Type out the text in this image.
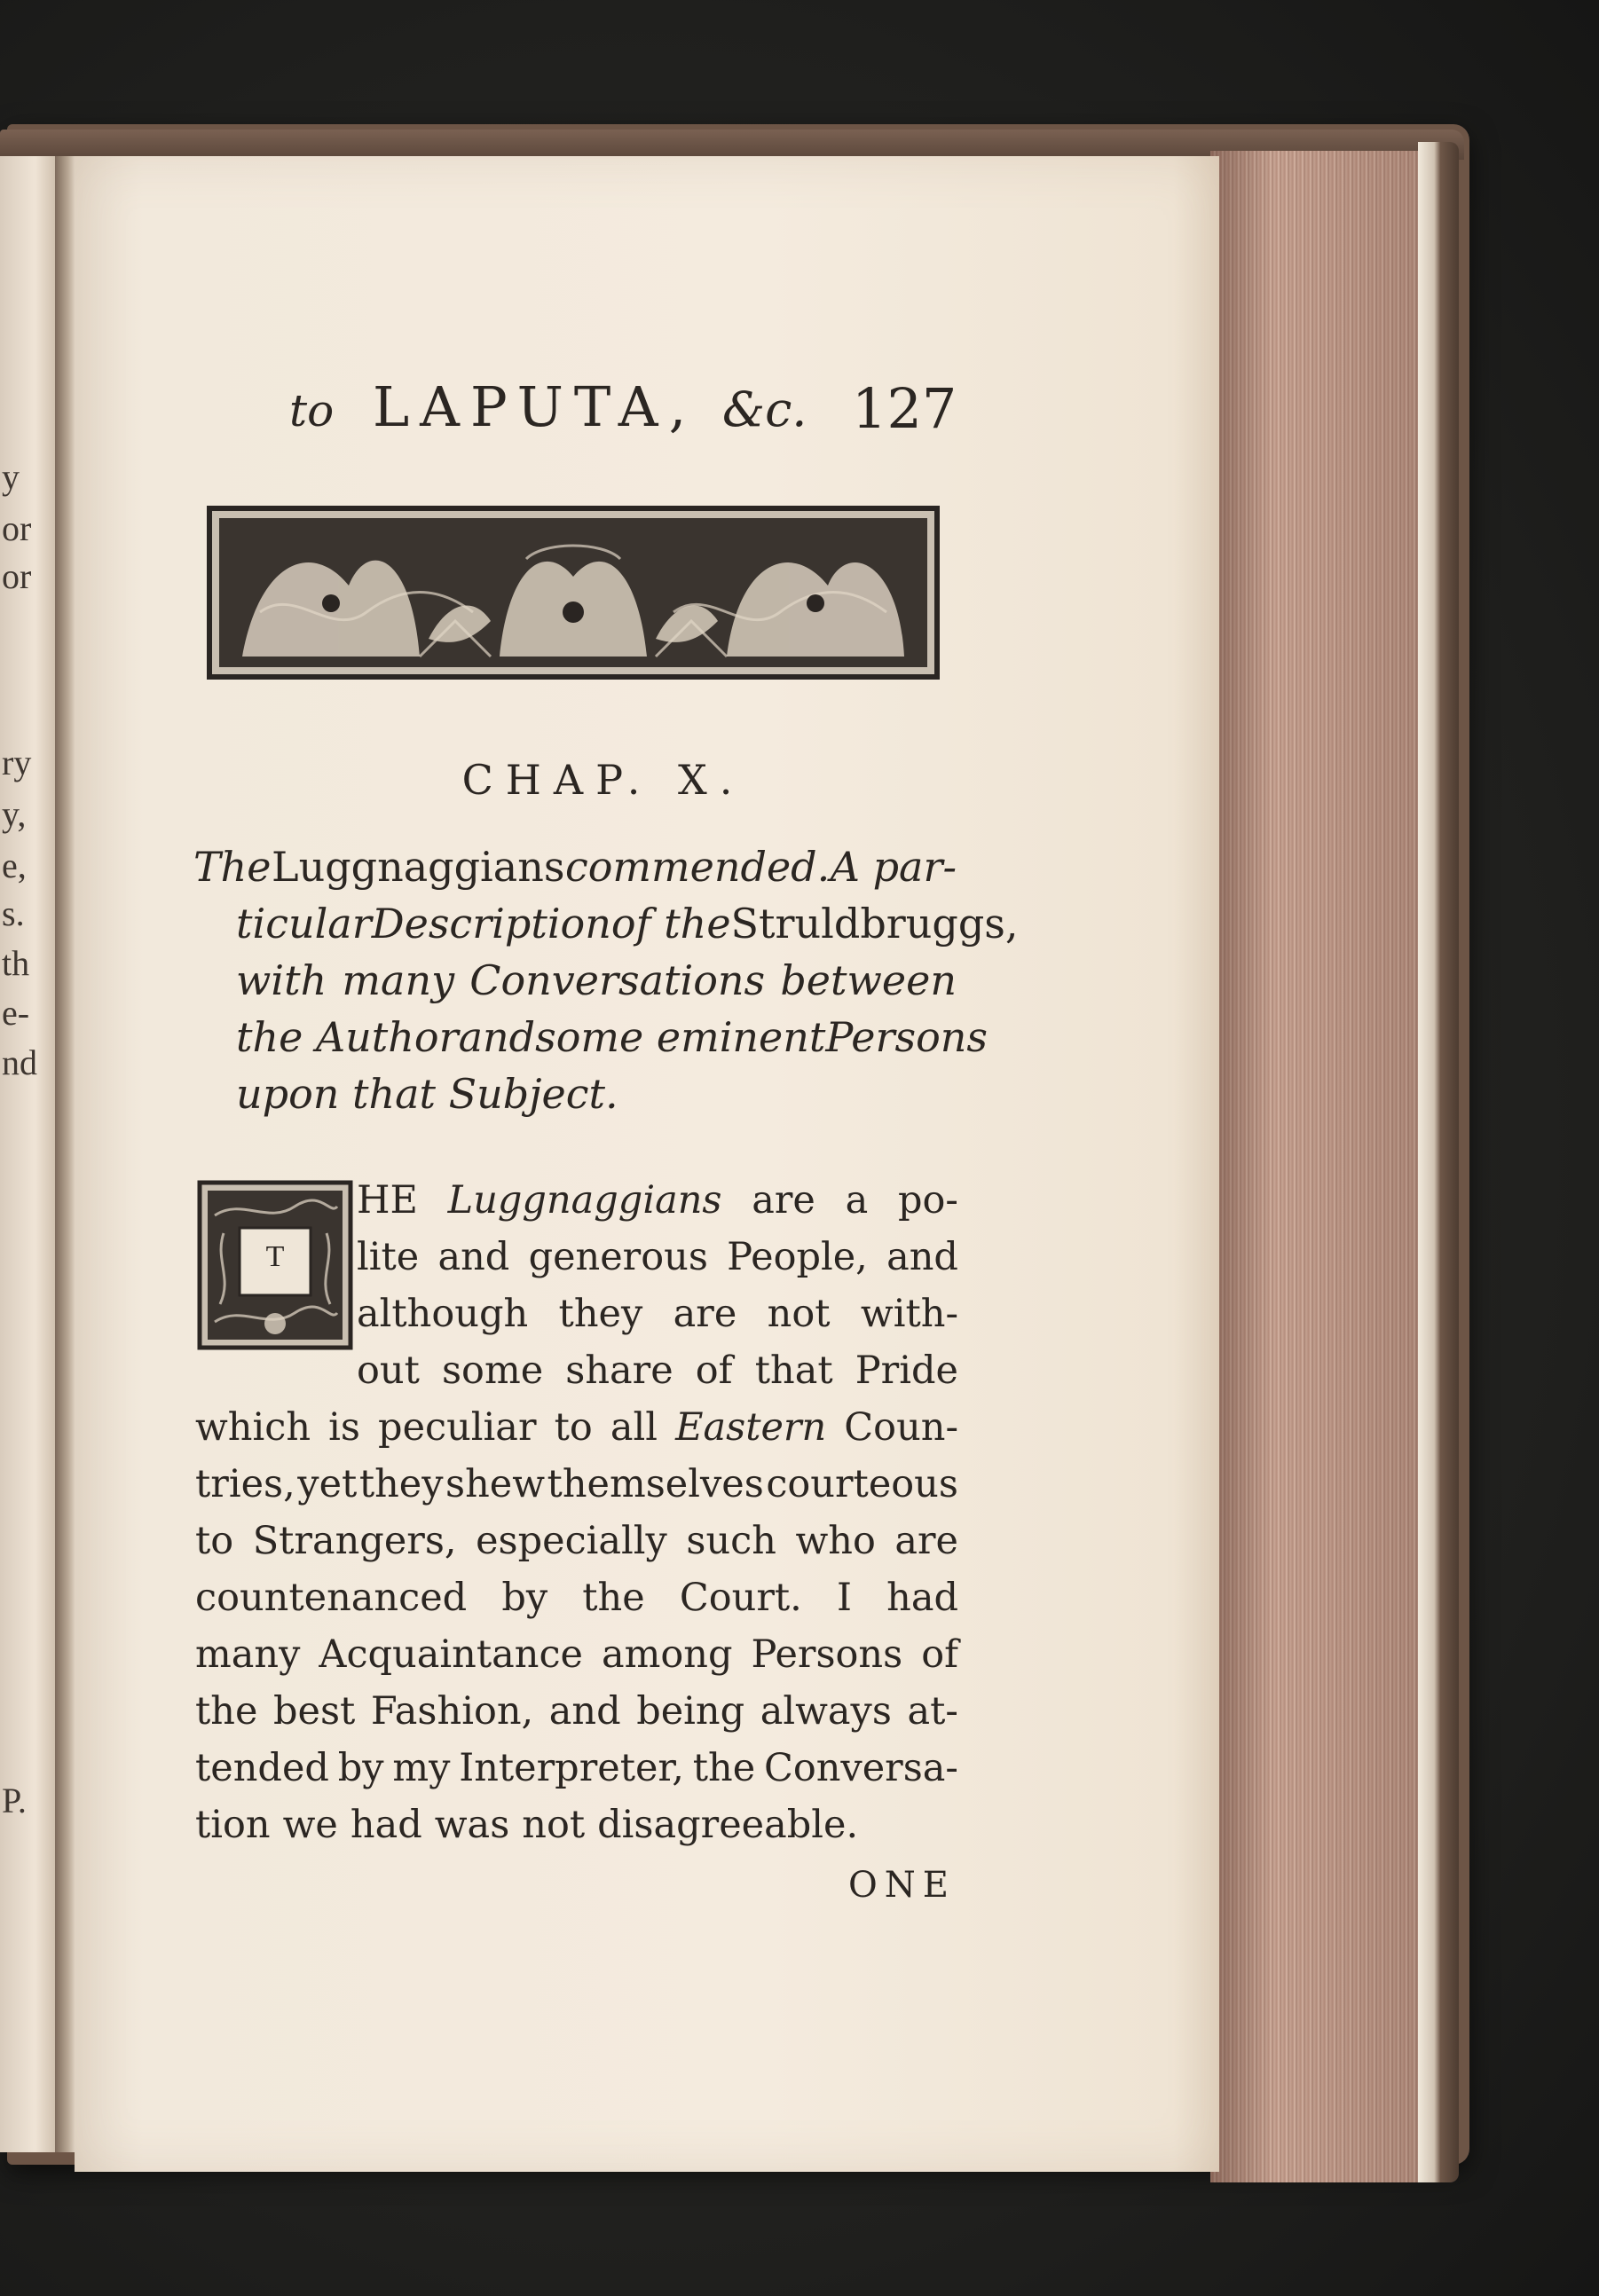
y
or
or
ry
y,
e,
s.
th
e-
nd
P.
to LAPUTA, &c. 127
CHAP. X.
The Luggnaggians commended. A par-
ticular Description of the Struldbruggs,
with many Conversations between
the Author and some eminent Persons
upon that Subject.
T
HE Luggnaggians are a po-
lite and generous People, and
although they are not with-
out some share of that Pride
which is peculiar to all Eastern Coun-
tries, yet they shew themselves courteous
to Strangers, especially such who are
countenanced by the Court. I had
many Acquaintance among Persons of
the best Fashion, and being always at-
tended by my Interpreter, the Conversa-
tion we had was not disagreeable.
ONE
